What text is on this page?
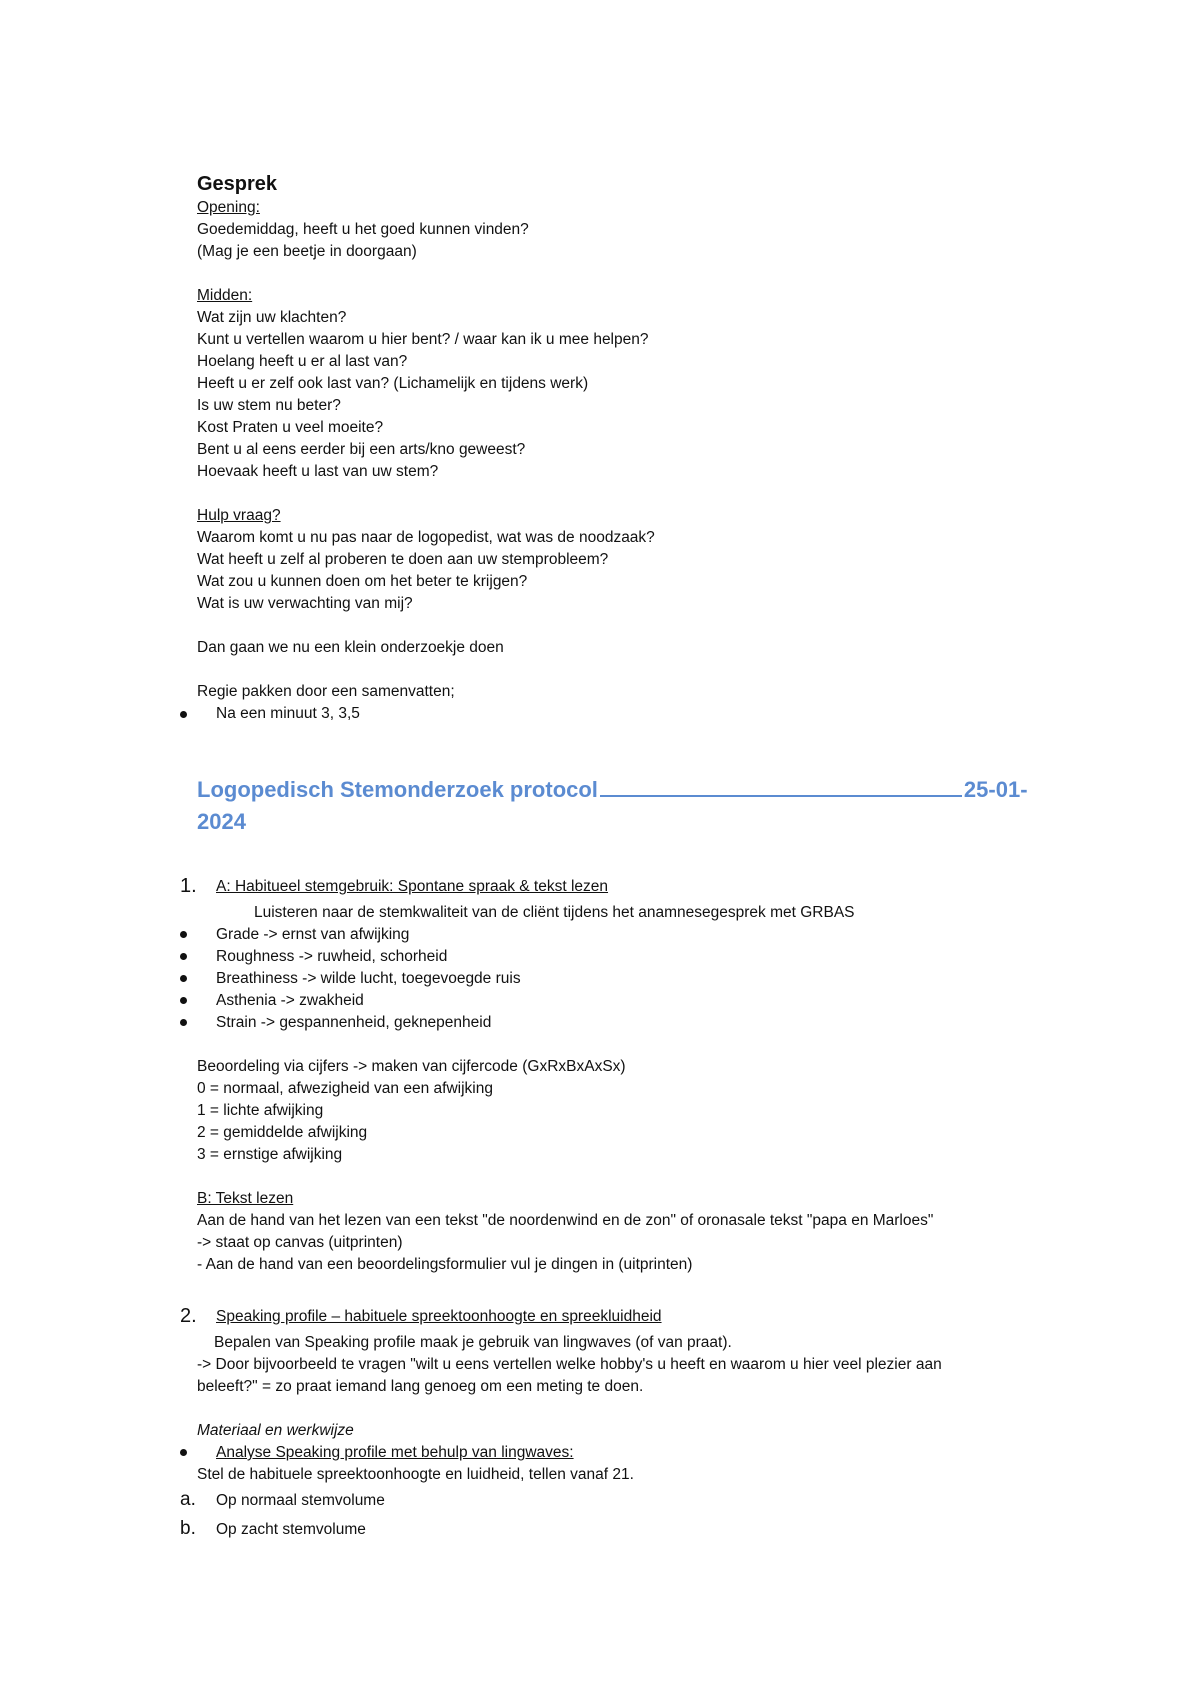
Gesprek
Opening:
Goedemiddag, heeft u het goed kunnen vinden?
(Mag je een beetje in doorgaan)
Midden:
Wat zijn uw klachten?
Kunt u vertellen waarom u hier bent? / waar kan ik u mee helpen?
Hoelang heeft u er al last van?
Heeft u er zelf ook last van? (Lichamelijk en tijdens werk)
Is uw stem nu beter?
Kost Praten u veel moeite?
Bent u al eens eerder bij een arts/kno geweest?
Hoevaak heeft u last van uw stem?
Hulp vraag?
Waarom komt u nu pas naar de logopedist, wat was de noodzaak?
Wat heeft u zelf al proberen te doen aan uw stemprobleem?
Wat zou u kunnen doen om het beter te krijgen?
Wat is uw verwachting van mij?
Dan gaan we nu een klein onderzoekje doen
Regie pakken door een samenvatten;
Na een minuut 3, 3,5
Logopedisch Stemonderzoek protocol	25-01-
2024
1. A: Habitueel stemgebruik: Spontane spraak & tekst lezen
Luisteren naar de stemkwaliteit van de cliënt tijdens het anamnesegesprek met GRBAS
Grade -> ernst van afwijking
Roughness -> ruwheid, schorheid
Breathiness -> wilde lucht, toegevoegde ruis
Asthenia -> zwakheid
Strain -> gespannenheid, geknepenheid
Beoordeling via cijfers -> maken van cijfercode (GxRxBxAxSx)
0 = normaal, afwezigheid van een afwijking
1 = lichte afwijking
2 = gemiddelde afwijking
3 = ernstige afwijking
B: Tekst lezen
Aan de hand van het lezen van een tekst "de noordenwind en de zon" of oronasale tekst "papa en Marloes"
-> staat op canvas (uitprinten)
- Aan de hand van een beoordelingsformulier vul je dingen in (uitprinten)
2. Speaking profile – habituele spreektoonhoogte en spreekluidheid
Bepalen van Speaking profile maak je gebruik van lingwaves (of van praat).
-> Door bijvoorbeeld te vragen "wilt u eens vertellen welke hobby's u heeft en waarom u hier veel plezier aan
beleeft?" = zo praat iemand lang genoeg om een meting te doen.
Materiaal en werkwijze
Analyse Speaking profile met behulp van lingwaves:
Stel de habituele spreektoonhoogte en luidheid, tellen vanaf 21.
a. Op normaal stemvolume
b. Op zacht stemvolume
